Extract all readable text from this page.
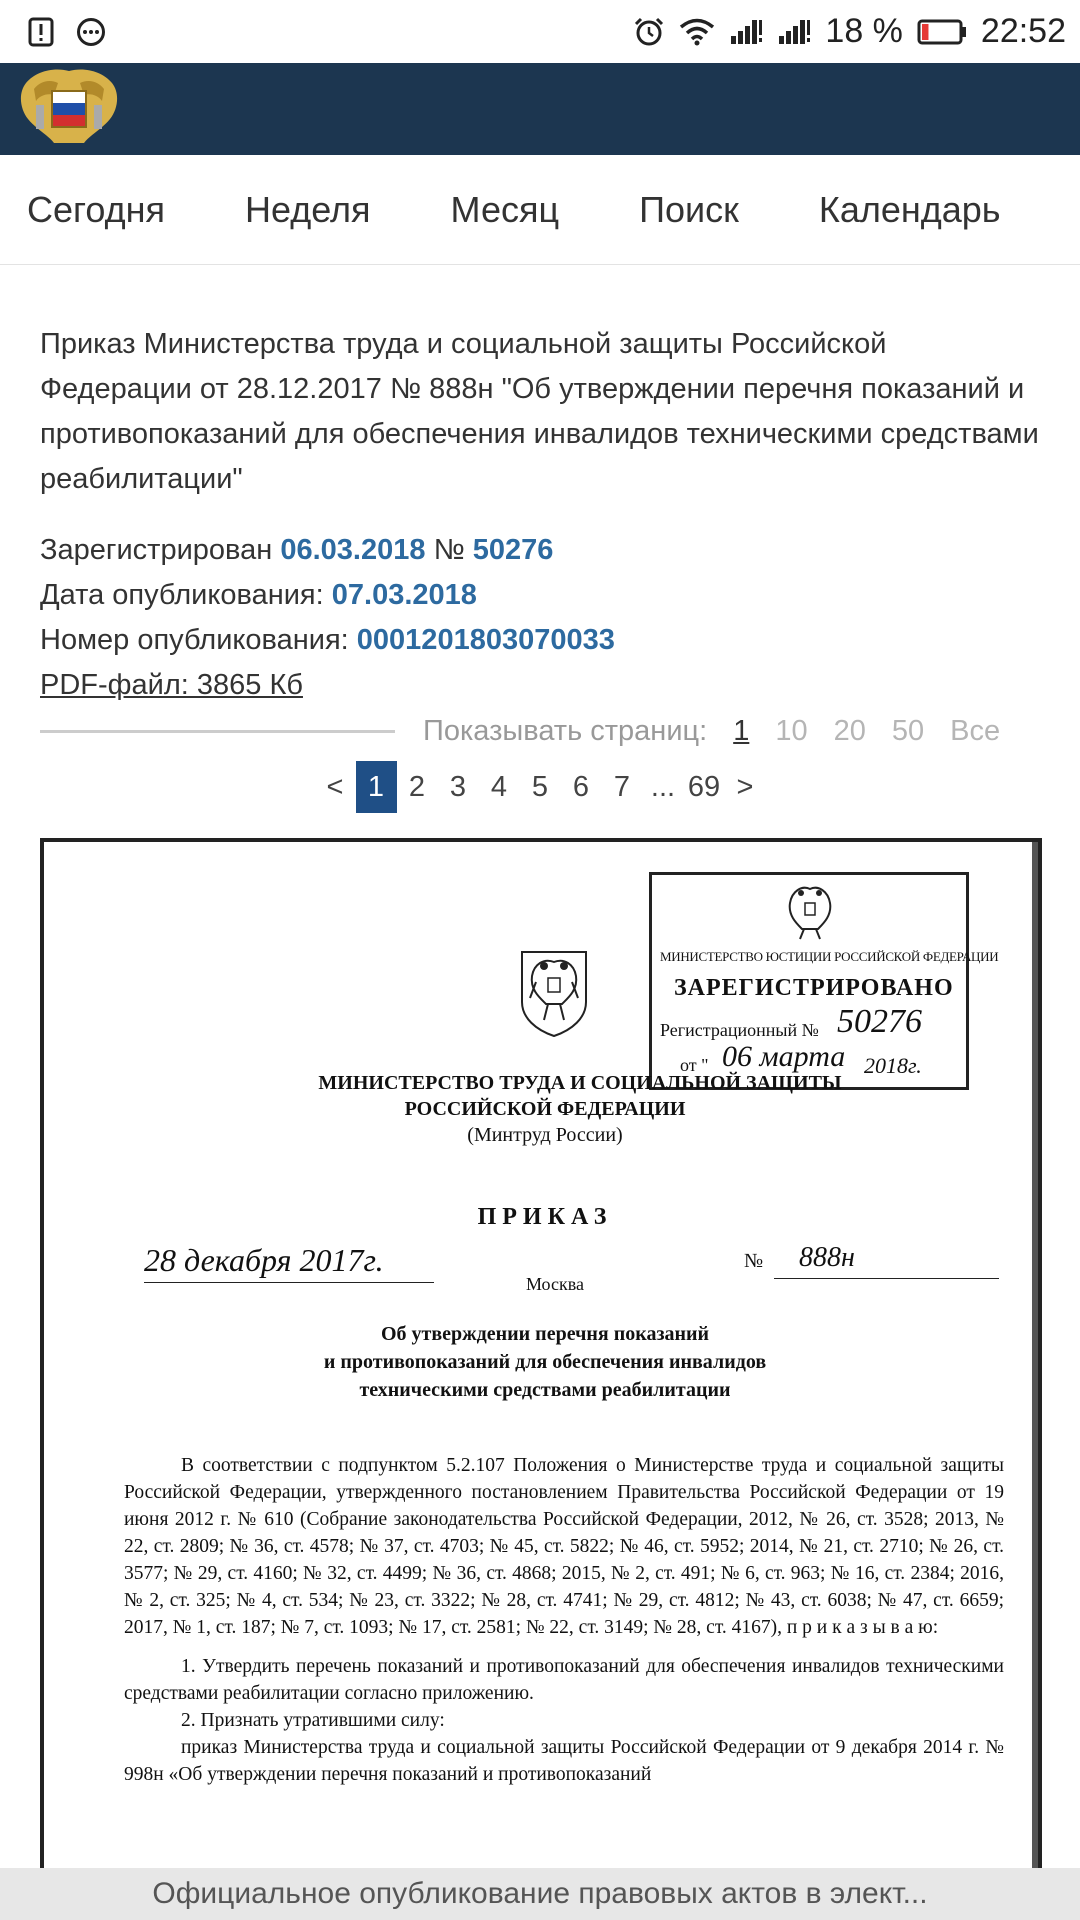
18 % 22:52
Сегодня Неделя Месяц Поиск Календарь
Приказ Министерства труда и социальной защиты Российской Федерации от 28.12.2017 № 888н "Об утверждении перечня показаний и противопоказаний для обеспечения инвалидов техническими средствами реабилитации"
Зарегистрирован 06.03.2018 № 50276
Дата опубликования: 07.03.2018
Номер опубликования: 0001201803070033
PDF-файл: 3865 Кб
Показывать страниц: 1 10 20 50 Все
< 1 2 3 4 5 6 7 ... 69 >
МИНИСТЕРСТВО ЮСТИЦИИ РОССИЙСКОЙ ФЕДЕРАЦИИ
ЗАРЕГИСТРИРОВАНО
Регистрационный № 50276
от " 06 марта 2018г.
МИНИСТЕРСТВО ТРУДА И СОЦИАЛЬНОЙ ЗАЩИТЫ
РОССИЙСКОЙ ФЕДЕРАЦИИ
(Минтруд России)
ПРИКАЗ
28 декабря 2017г.	№ 888н
Москва
Об утверждении перечня показаний
и противопоказаний для обеспечения инвалидов
техническими средствами реабилитации

В соответствии с подпунктом 5.2.107 Положения о Министерстве труда и социальной защиты Российской Федерации, утвержденного постановлением Правительства Российской Федерации от 19 июня 2012 г. № 610 (Собрание законодательства Российской Федерации, 2012, № 26, ст. 3528; 2013, № 22, ст. 2809; № 36, ст. 4578; № 37, ст. 4703; № 45, ст. 5822; № 46, ст. 5952; 2014, № 21, ст. 2710; № 26, ст. 3577; № 29, ст. 4160; № 32, ст. 4499; № 36, ст. 4868; 2015, № 2, ст. 491; № 6, ст. 963; № 16, ст. 2384; 2016, № 2, ст. 325; № 4, ст. 534; № 23, ст. 3322; № 28, ст. 4741; № 29, ст. 4812; № 43, ст. 6038; № 47, ст. 6659; 2017, № 1, ст. 187; № 7, ст. 1093; № 17, ст. 2581; № 22, ст. 3149; № 28, ст. 4167), п р и к а з ы в а ю:

1. Утвердить перечень показаний и противопоказаний для обеспечения инвалидов техническими средствами реабилитации согласно приложению.

2. Признать утратившими силу:

приказ Министерства труда и социальной защиты Российской Федерации от 9 декабря 2014 г. № 998н «Об утверждении перечня показаний и противопоказаний

Официальное опубликование правовых актов в элект...
